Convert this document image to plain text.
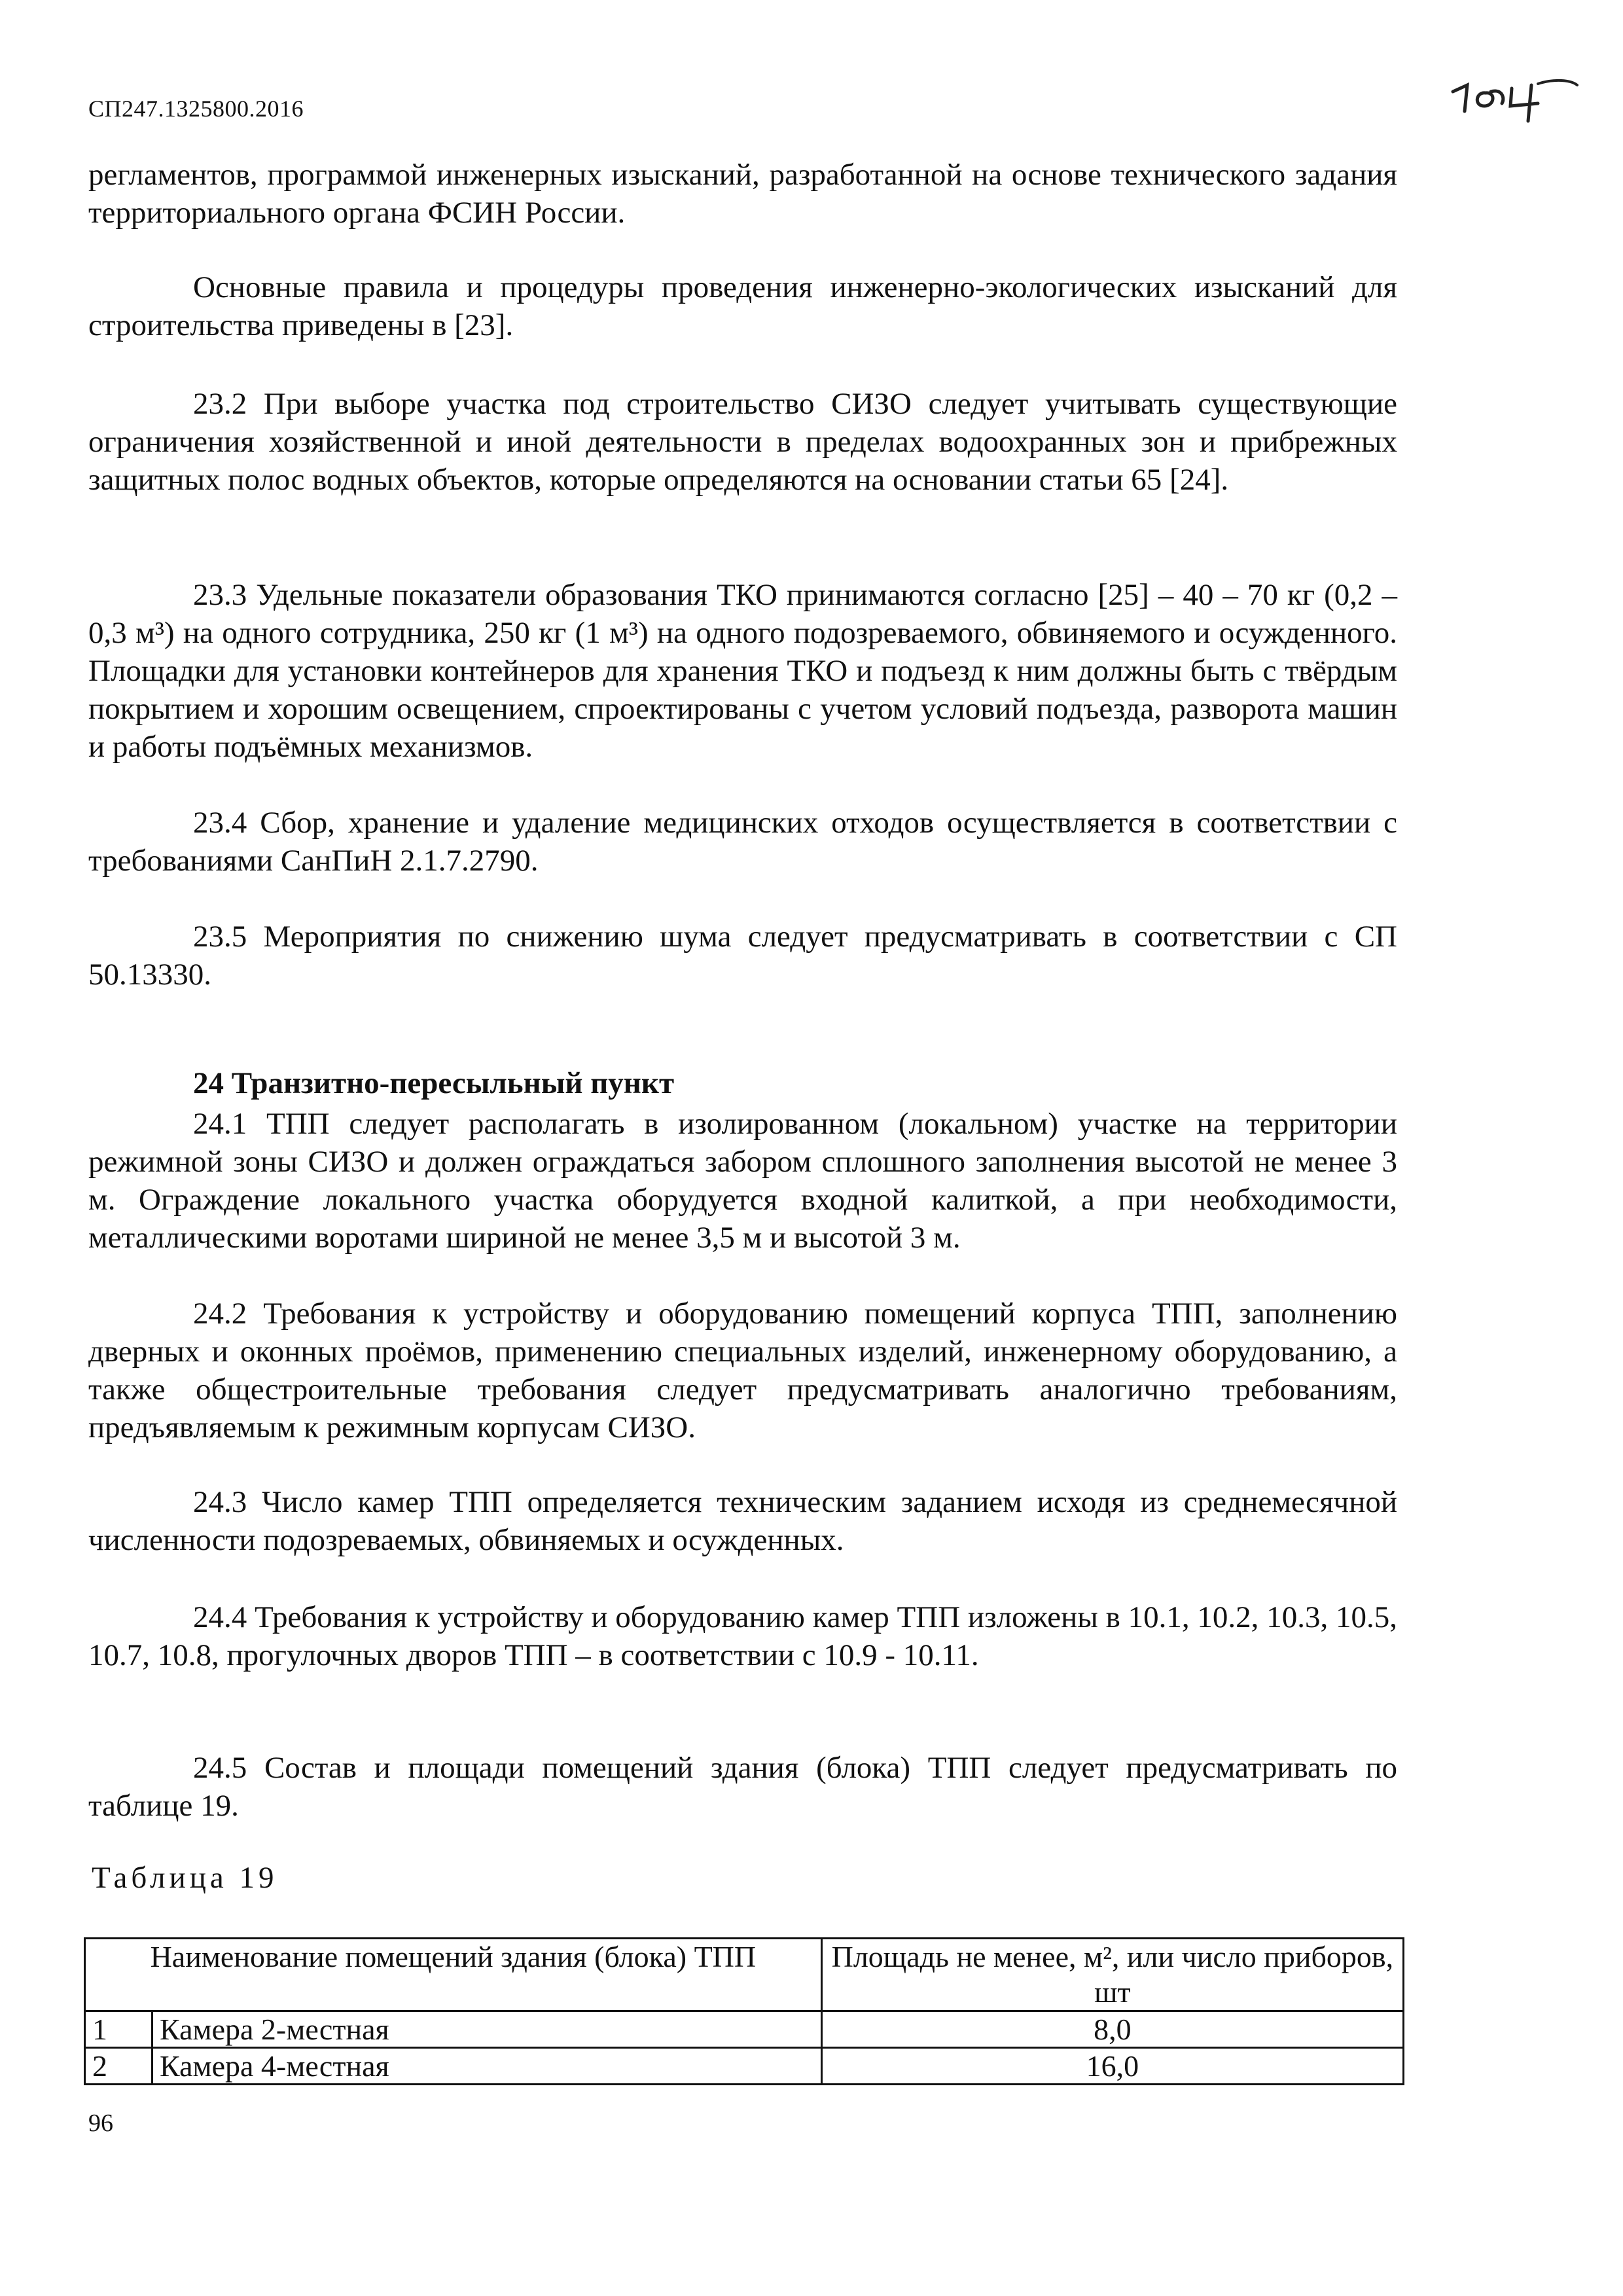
СП247.1325800.2016

регламентов, программой инженерных изысканий, разработанной на основе технического задания территориального органа ФСИН России.

Основные правила и процедуры проведения инженерно-экологических изысканий для строительства приведены в [23].

23.2 При выборе участка под строительство СИЗО следует учитывать существующие ограничения хозяйственной и иной деятельности в пределах водоохранных зон и прибрежных защитных полос водных объектов, которые определяются на основании статьи 65 [24].

23.3 Удельные показатели образования ТКО принимаются согласно [25] – 40 – 70 кг (0,2 – 0,3 м³) на одного сотрудника, 250 кг (1 м³) на одного подозреваемого, обвиняемого и осужденного. Площадки для установки контейнеров для хранения ТКО и подъезд к ним должны быть с твёрдым покрытием и хорошим освещением, спроектированы с учетом условий подъезда, разворота машин и работы подъёмных механизмов.

23.4 Сбор, хранение и удаление медицинских отходов осуществляется в соответствии с требованиями СанПиН 2.1.7.2790.

23.5 Мероприятия по снижению шума следует предусматривать в соответствии с СП 50.13330.

24 Транзитно-пересыльный пункт

24.1 ТПП следует располагать в изолированном (локальном) участке на территории режимной зоны СИЗО и должен ограждаться забором сплошного заполнения высотой не менее 3 м. Ограждение локального участка оборудуется входной калиткой, а при необходимости, металлическими воротами шириной не менее 3,5 м и высотой 3 м.

24.2 Требования к устройству и оборудованию помещений корпуса ТПП, заполнению дверных и оконных проёмов, применению специальных изделий, инженерному оборудованию, а также общестроительные требования следует предусматривать аналогично требованиям, предъявляемым к режимным корпусам СИЗО.

24.3 Число камер ТПП определяется техническим заданием исходя из среднемесячной численности подозреваемых, обвиняемых и осужденных.

24.4 Требования к устройству и оборудованию камер ТПП изложены в 10.1, 10.2, 10.3, 10.5, 10.7, 10.8, прогулочных дворов ТПП – в соответствии с 10.9 - 10.11.

24.5 Состав и площади помещений здания (блока) ТПП следует предусматривать по таблице 19.

Таблица 19
Наименование помещений здания (блока) ТПП		Площадь не менее, м², или число приборов, шт
1	Камера 2-местная	8,0
2	Камера 4-местная	16,0
96
